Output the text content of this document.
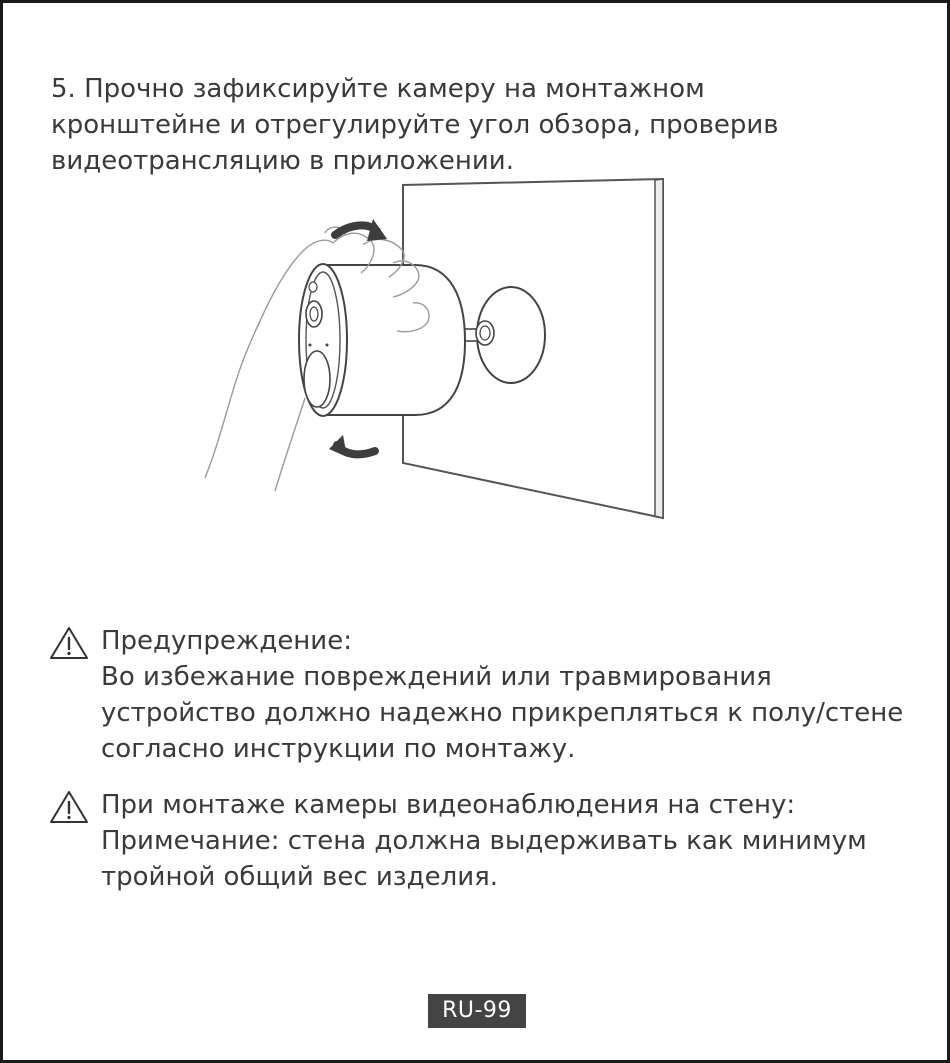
5. Прочно зафиксируйте камеру на монтажном
кронштейне и отрегулируйте угол обзора, проверив
видеотрансляцию в приложении.
Предупреждение:
Во избежание повреждений или травмирования
устройство должно надежно прикрепляться к полу/стене
согласно инструкции по монтажу.
При монтаже камеры видеонаблюдения на стену:
Примечание: стена должна выдерживать как минимум
тройной общий вес изделия.
RU-99
